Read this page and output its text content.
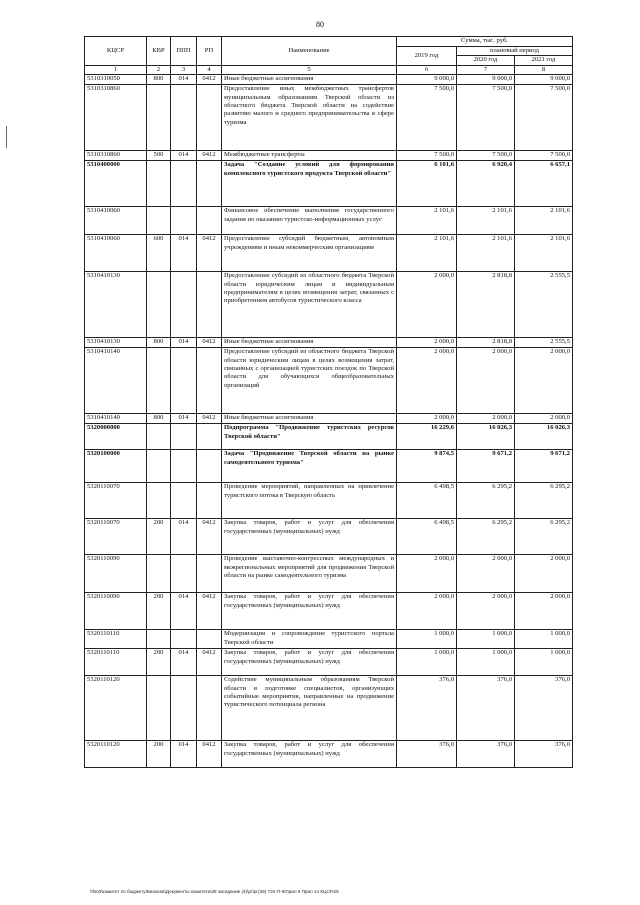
80
КЦСР	КВР	ППП	РП	Наименование	Сумма, тыс. руб.		
					2019 год	плановый период	
						2020 год	2021 год
1	2	3	4	5	6	7	8
5310310050	800	014	0412	Иные бюджетные ассигнования	9 000,0	9 000,0	9 000,0
5310310860				Предоставление иных межбюджетных трансфертов муниципальным образованиям Тверской области из областного бюджета Тверской области на содействие развитию малого и среднего предпринимательства в сфере туризма	7 500,0	7 500,0	7 500,0
5310310860	500	014	0412	Межбюджетные трансферты	7 500,0	7 500,0	7 500,0
5310400000				Задача "Создание условий для формирования комплексного туристского продукта Тверской области"	6 101,6	6 920,4	6 657,1
5310410060				Финансовое обеспечение выполнения государственного задания по оказанию туристско-информационных услуг	2 101,6	2 101,6	2 101,6
5310410060	600	014	0412	Предоставление субсидий бюджетным, автономным учреждениям и иным некоммерческим организациям	2 101,6	2 101,6	2 101,6
5310410130				Предоставление субсидий из областного бюджета Тверской области юридическим лицам и индивидуальным предпринимателям в целях возмещения затрат, связанных с приобретением автобусов туристического класса	2 000,0	2 818,8	2 555,5
5310410130	800	014	0412	Иные бюджетные ассигнования	2 000,0	2 818,8	2 555,5
5310410140				Предоставление субсидий из областного бюджета Тверской области юридическим лицам в целях возмещения затрат, связанных с организацией туристских поездок по Тверской области для обучающихся общеобразовательных организаций	2 000,0	2 000,0	2 000,0
5310410140	800	014	0412	Иные бюджетные ассигнования	2 000,0	2 000,0	2 000,0
5320000000				Подпрограмма "Продвижение туристских ресурсов Тверской области"	16 229,6	16 026,3	16 026,3
5320100000				Задача "Продвижение Тверской области на рынке самодеятельного туризма"	9 874,5	9 671,2	9 671,2
5320110070				Проведение мероприятий, направленных на привлечение туристского потока в Тверскую область	6 498,5	6 295,2	6 295,2
5320110070	200	014	0412	Закупка товаров, работ и услуг для обеспечения государственных (муниципальных) нужд	6 498,5	6 295,2	6 295,2
5320110090				Проведение выставочно-конгрессных международных и межрегиональных мероприятий для продвижения Тверской области на рынке самодеятельного туризма	2 000,0	2 000,0	2 000,0
5320110090	200	014	0412	Закупка товаров, работ и услуг для обеспечения государственных (муниципальных) нужд	2 000,0	2 000,0	2 000,0
5320110110				Модернизация и сопровождение туристского портала Тверской области	1 000,0	1 000,0	1 000,0
5320110110	200	014	0412	Закупка товаров, работ и услуг для обеспечения государственных (муниципальных) нужд	1 000,0	1 000,0	1 000,0
5320110120				Содействие муниципальным образованиям Тверской области в подготовке специалистов, организующих событийные мероприятия, направленные на продвижение туристического потенциала региона	376,0	376,0	376,0
5320110120	200	014	0412	Закупка товаров, работ и услуг для обеспечения государственных (муниципальных) нужд	376,0	376,0	376,0
\\fs03\комитет по бюджету\Бизонов\Документы комитета\39 заседание (4)\рг\рг(39) 734-П-6\Прил 9 Прил 14 КЦСР.xls
